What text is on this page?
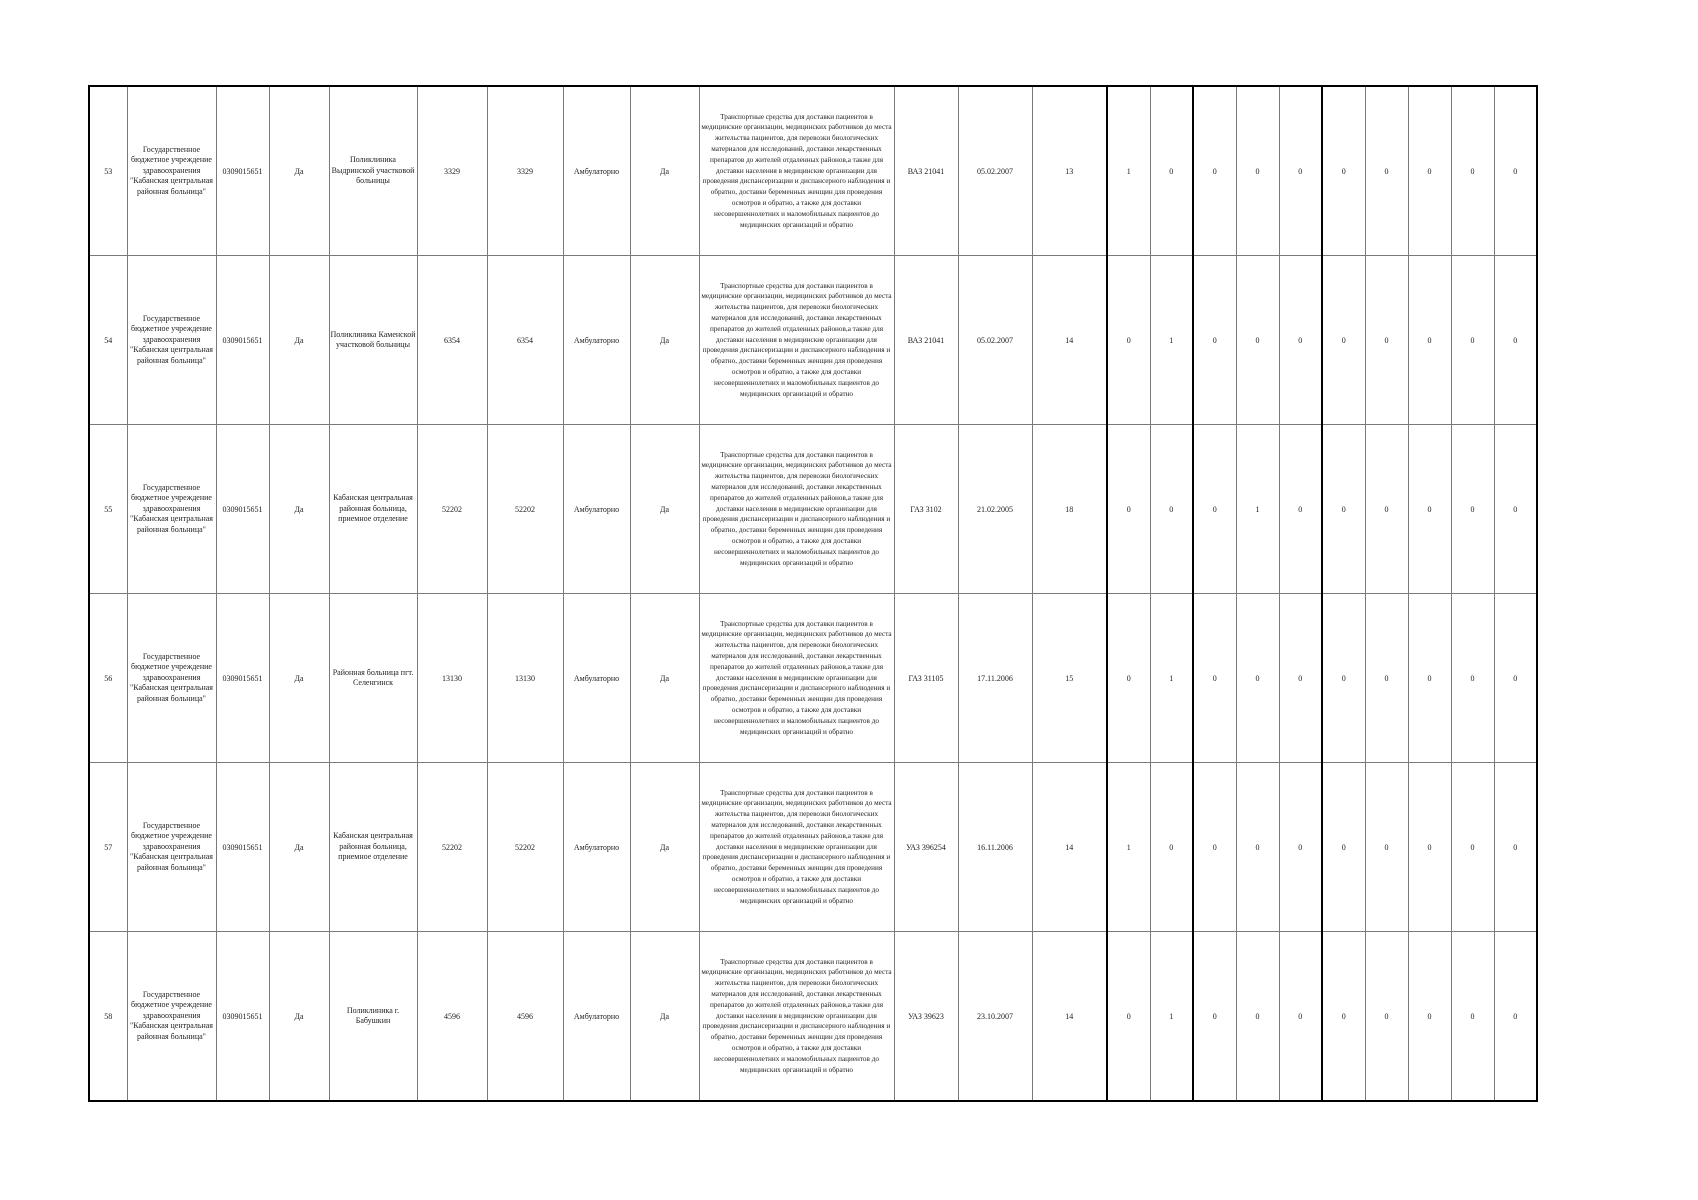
53	Государственное бюджетное учреждение здравоохранения "Кабанская центральная районная больница"	0309015651	Да	Поликлиника Выдринской участковой больницы	3329	3329	Амбулаторно	Да	Транспортные средства для доставки пациентов в медицинские организации, медицинских работников до места жительства пациентов, для перевозки биологических материалов для исследований, доставки лекарственных препаратов до жителей отдаленных районов,а также для доставки населения в медицинские организации для проведения диспансеризации и диспансерного наблюдения и обратно, доставки беременных женщин для проведения осмотров и обратно, а также для доставки несовершеннолетних и маломобильных пациентов до медицинских организаций и обратно	ВАЗ 21041	05.02.2007	13	1	0	0	0	0	0	0	0	0	0
54	Государственное бюджетное учреждение здравоохранения "Кабанская центральная районная больница"	0309015651	Да	Поликлиника Каменской участковой больницы	6354	6354	Амбулаторно	Да	Транспортные средства для доставки пациентов в медицинские организации, медицинских работников до места жительства пациентов, для перевозки биологических материалов для исследований, доставки лекарственных препаратов до жителей отдаленных районов,а также для доставки населения в медицинские организации для проведения диспансеризации и диспансерного наблюдения и обратно, доставки беременных женщин для проведения осмотров и обратно, а также для доставки несовершеннолетних и маломобильных пациентов до медицинских организаций и обратно	ВАЗ 21041	05.02.2007	14	0	1	0	0	0	0	0	0	0	0
55	Государственное бюджетное учреждение здравоохранения "Кабанская центральная районная больница"	0309015651	Да	Кабанская центральная районная больница, приемное отделение	52202	52202	Амбулаторно	Да	Транспортные средства для доставки пациентов в медицинские организации, медицинских работников до места жительства пациентов, для перевозки биологических материалов для исследований, доставки лекарственных препаратов до жителей отдаленных районов,а также для доставки населения в медицинские организации для проведения диспансеризации и диспансерного наблюдения и обратно, доставки беременных женщин для проведения осмотров и обратно, а также для доставки несовершеннолетних и маломобильных пациентов до медицинских организаций и обратно	ГАЗ 3102	21.02.2005	18	0	0	0	1	0	0	0	0	0	0
56	Государственное бюджетное учреждение здравоохранения "Кабанская центральная районная больница"	0309015651	Да	Районная больница пгт. Селенгинск	13130	13130	Амбулаторно	Да	Транспортные средства для доставки пациентов в медицинские организации, медицинских работников до места жительства пациентов, для перевозки биологических материалов для исследований, доставки лекарственных препаратов до жителей отдаленных районов,а также для доставки населения в медицинские организации для проведения диспансеризации и диспансерного наблюдения и обратно, доставки беременных женщин для проведения осмотров и обратно, а также для доставки несовершеннолетних и маломобильных пациентов до медицинских организаций и обратно	ГАЗ 31105	17.11.2006	15	0	1	0	0	0	0	0	0	0	0
57	Государственное бюджетное учреждение здравоохранения "Кабанская центральная районная больница"	0309015651	Да	Кабанская центральная районная больница, приемное отделение	52202	52202	Амбулаторно	Да	Транспортные средства для доставки пациентов в медицинские организации, медицинских работников до места жительства пациентов, для перевозки биологических материалов для исследований, доставки лекарственных препаратов до жителей отдаленных районов,а также для доставки населения в медицинские организации для проведения диспансеризации и диспансерного наблюдения и обратно, доставки беременных женщин для проведения осмотров и обратно, а также для доставки несовершеннолетних и маломобильных пациентов до медицинских организаций и обратно	УАЗ 396254	16.11.2006	14	1	0	0	0	0	0	0	0	0	0
58	Государственное бюджетное учреждение здравоохранения "Кабанская центральная районная больница"	0309015651	Да	Поликлиника г. Бабушкин	4596	4596	Амбулаторно	Да	Транспортные средства для доставки пациентов в медицинские организации, медицинских работников до места жительства пациентов, для перевозки биологических материалов для исследований, доставки лекарственных препаратов до жителей отдаленных районов,а также для доставки населения в медицинские организации для проведения диспансеризации и диспансерного наблюдения и обратно, доставки беременных женщин для проведения осмотров и обратно, а также для доставки несовершеннолетних и маломобильных пациентов до медицинских организаций и обратно	УАЗ 39623	23.10.2007	14	0	1	0	0	0	0	0	0	0	0
